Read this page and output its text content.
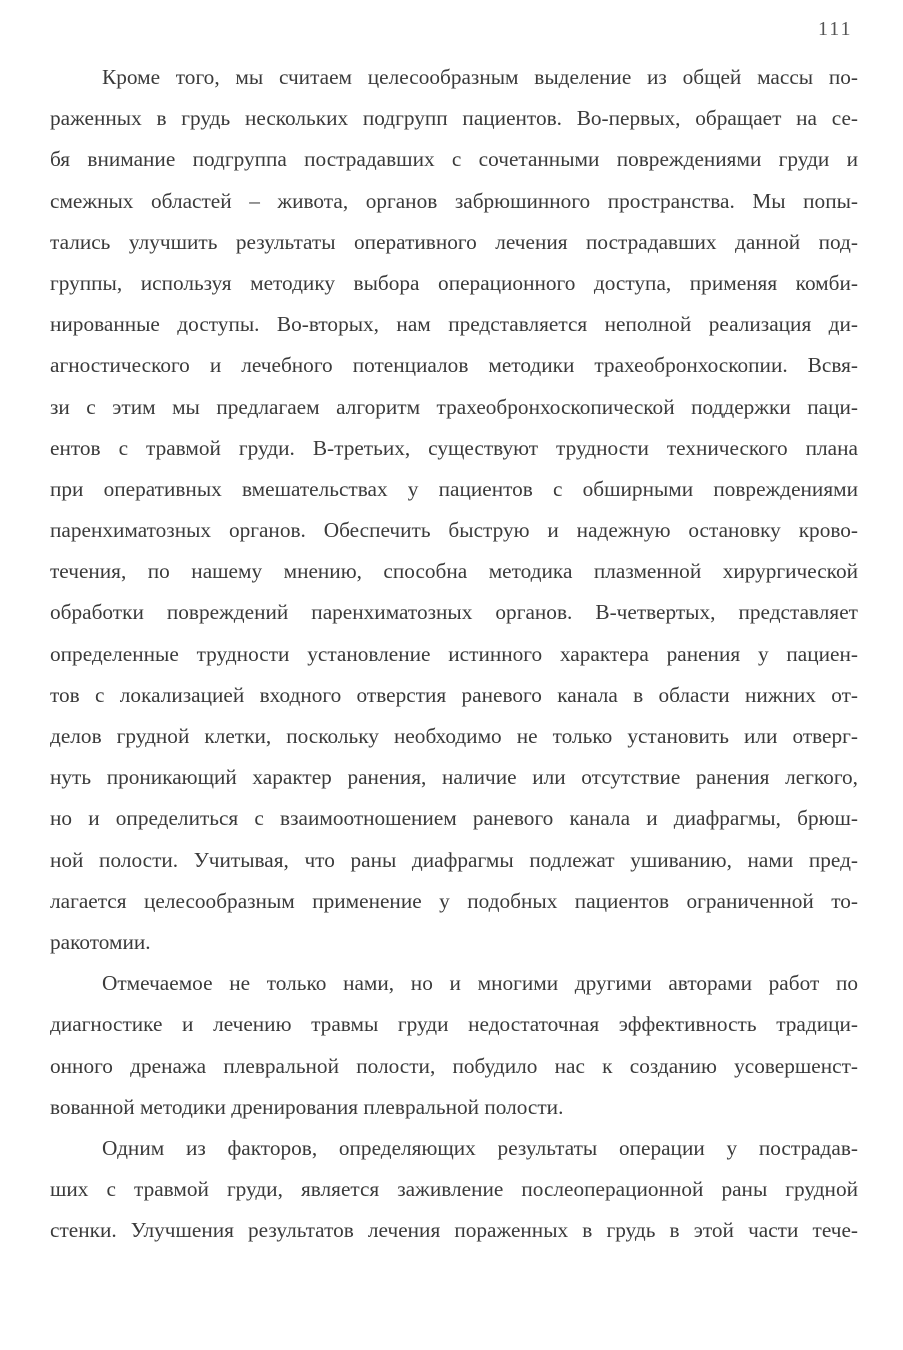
111
Кроме того, мы считаем целесообразным выделение из общей массы по-
раженных в грудь нескольких подгрупп пациентов. Во-первых, обращает на се-
бя внимание подгруппа пострадавших с сочетанными повреждениями груди и
смежных областей – живота, органов забрюшинного пространства. Мы попы-
тались улучшить результаты оперативного лечения пострадавших данной под-
группы, используя методику выбора операционного доступа, применяя комби-
нированные доступы. Во-вторых, нам представляется неполной реализация ди-
агностического и лечебного потенциалов методики трахеобронхоскопии. Всвя-
зи с этим мы предлагаем алгоритм трахеобронхоскопической поддержки паци-
ентов с травмой груди. В-третьих, существуют трудности технического плана
при оперативных вмешательствах у пациентов с обширными повреждениями
паренхиматозных органов. Обеспечить быструю и надежную остановку крово-
течения, по нашему мнению, способна методика плазменной хирургической
обработки повреждений паренхиматозных органов. В-четвертых, представляет
определенные трудности установление истинного характера ранения у пациен-
тов с локализацией входного отверстия раневого канала в области нижних от-
делов грудной клетки, поскольку необходимо не только установить или отверг-
нуть проникающий характер ранения, наличие или отсутствие ранения легкого,
но и определиться с взаимоотношением раневого канала и диафрагмы, брюш-
ной полости. Учитывая, что раны диафрагмы подлежат ушиванию, нами пред-
лагается целесообразным применение у подобных пациентов ограниченной то-
ракотомии.
Отмечаемое не только нами, но и многими другими авторами работ по
диагностике и лечению травмы груди недостаточная эффективность традици-
онного дренажа плевральной полости, побудило нас к созданию усовершенст-
вованной методики дренирования плевральной полости.
Одним из факторов, определяющих результаты операции у пострадав-
ших с травмой груди, является заживление послеоперационной раны грудной
стенки. Улучшения результатов лечения пораженных в грудь в этой части тече-
